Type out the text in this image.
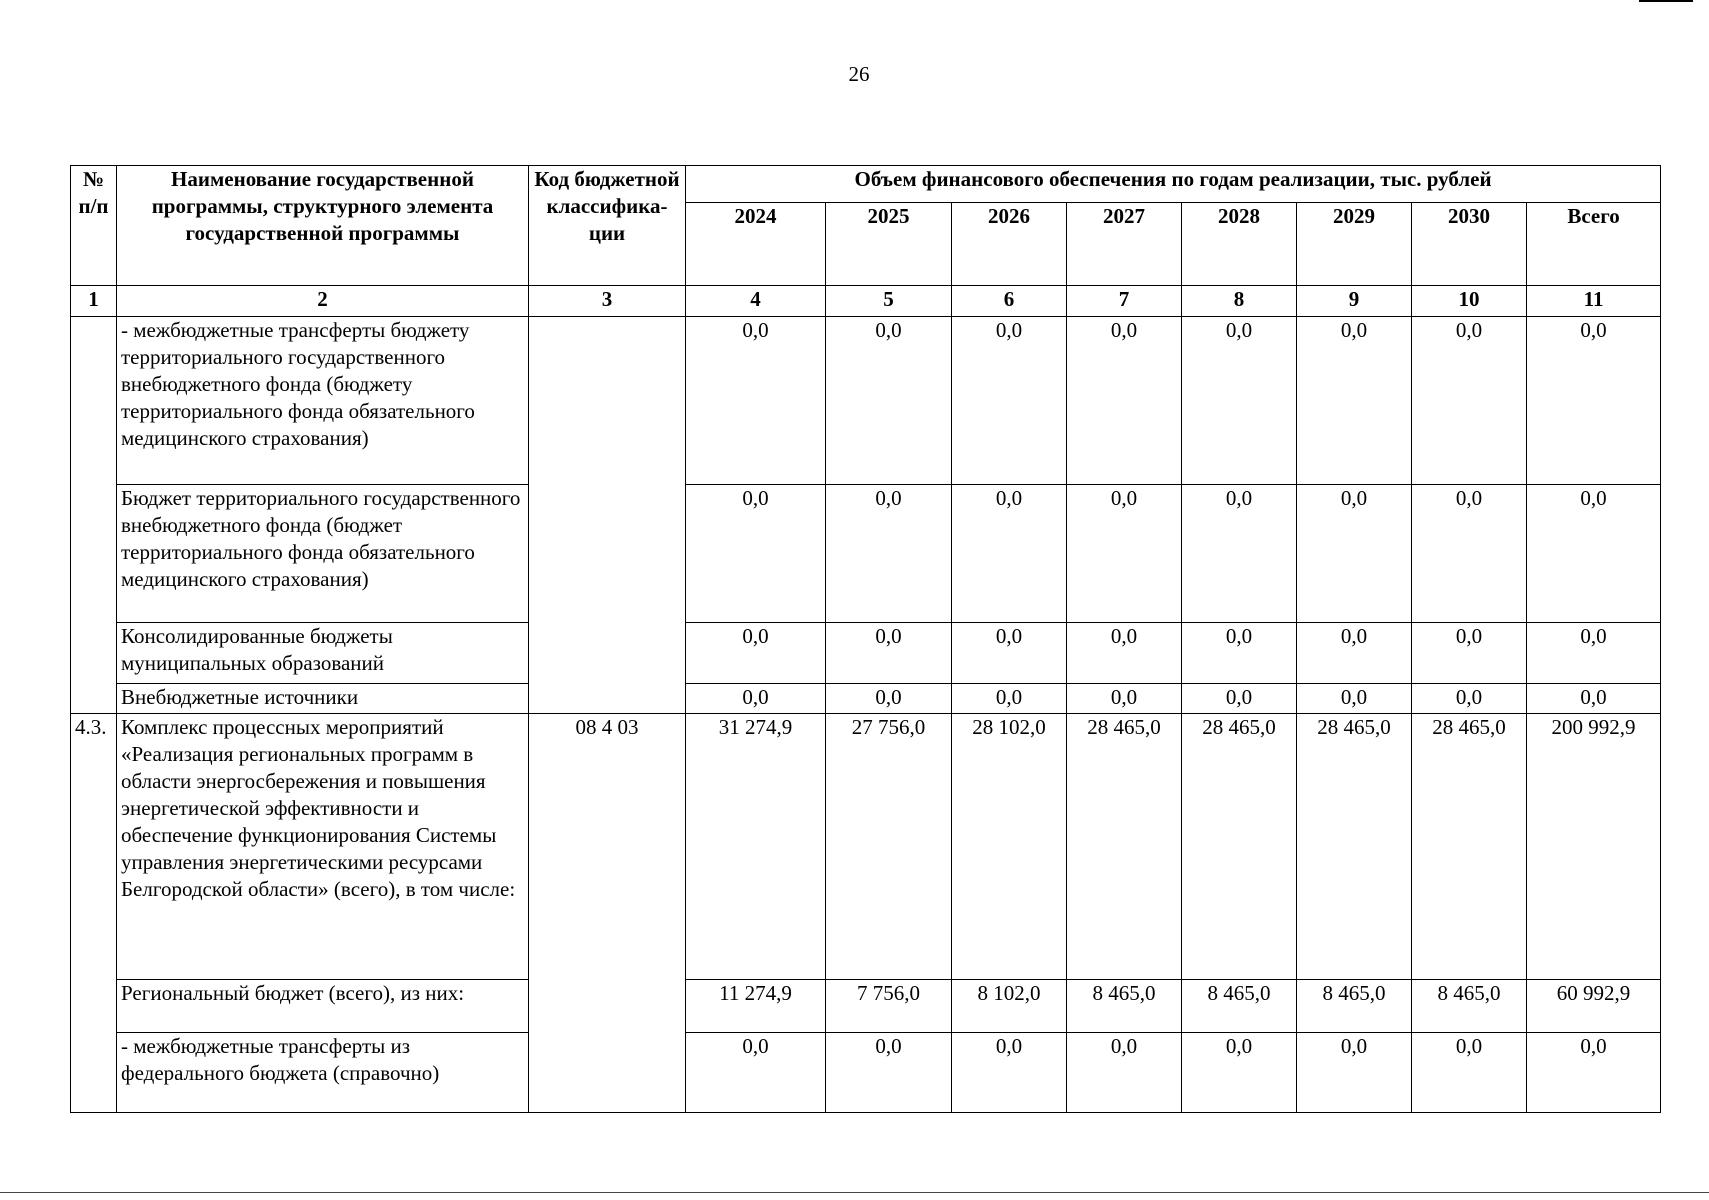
26
№ п/п	Наименование государственной программы, структурного элемента государственной программы	Код бюджетной классифика-ции	Объем финансового обеспечения по годам реализации, тыс. рублей							
			2024	2025	2026	2027	2028	2029	2030	Всего
1	2	3	4	5	6	7	8	9	10	11
	- межбюджетные трансферты бюджету территориального государственного внебюджетного фонда (бюджету территориального фонда обязательного медицинского страхования)		0,0	0,0	0,0	0,0	0,0	0,0	0,0	0,0
	Бюджет территориального государственного внебюджетного фонда (бюджет территориального фонда обязательного медицинского страхования)		0,0	0,0	0,0	0,0	0,0	0,0	0,0	0,0
	Консолидированные бюджеты муниципальных образований		0,0	0,0	0,0	0,0	0,0	0,0	0,0	0,0
	Внебюджетные источники		0,0	0,0	0,0	0,0	0,0	0,0	0,0	0,0
4.3.	Комплекс процессных мероприятий «Реализация региональных программ в области энергосбережения и повышения энергетической эффективности и обеспечение функционирования Системы управления энергетическими ресурсами Белгородской области» (всего), в том числе:	08 4 03	31 274,9	27 756,0	28 102,0	28 465,0	28 465,0	28 465,0	28 465,0	200 992,9
	Региональный бюджет (всего), из них:		11 274,9	7 756,0	8 102,0	8 465,0	8 465,0	8 465,0	8 465,0	60 992,9
	- межбюджетные трансферты из федерального бюджета (справочно)		0,0	0,0	0,0	0,0	0,0	0,0	0,0	0,0
